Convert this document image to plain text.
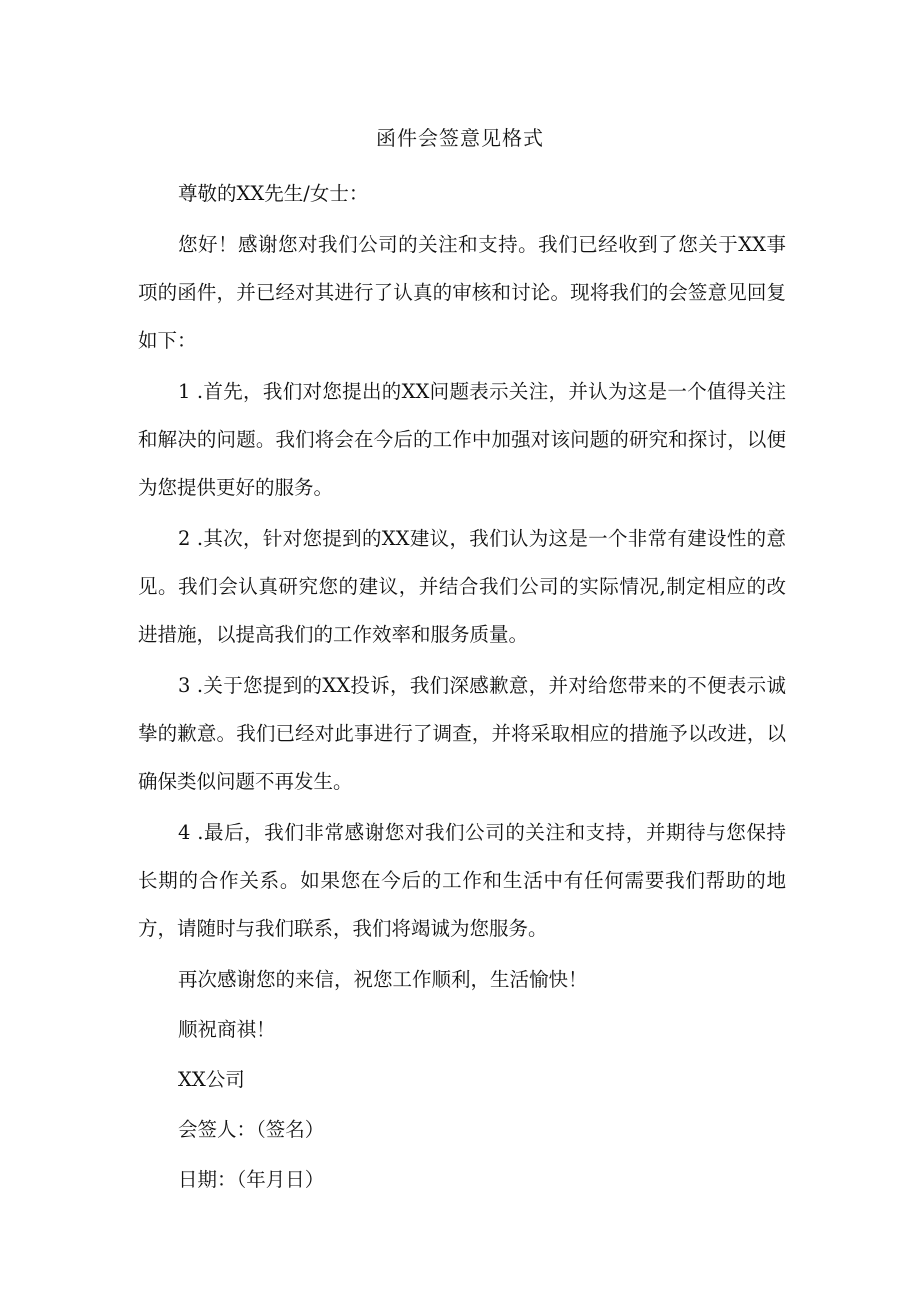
函件会签意见格式

尊敬的XX先生/女士：

您好！感谢您对我们公司的关注和支持。我们已经收到了您关于XX事项的函件，并已经对其进行了认真的审核和讨论。现将我们的会签意见回复如下：

1 .首先，我们对您提出的XX问题表示关注，并认为这是一个值得关注和解决的问题。我们将会在今后的工作中加强对该问题的研究和探讨，以便为您提供更好的服务。

2 .其次，针对您提到的XX建议，我们认为这是一个非常有建设性的意见。我们会认真研究您的建议，并结合我们公司的实际情况,制定相应的改进措施，以提高我们的工作效率和服务质量。

3 .关于您提到的XX投诉，我们深感歉意，并对给您带来的不便表示诚挚的歉意。我们已经对此事进行了调查，并将采取相应的措施予以改进，以确保类似问题不再发生。

4 .最后，我们非常感谢您对我们公司的关注和支持，并期待与您保持长期的合作关系。如果您在今后的工作和生活中有任何需要我们帮助的地方，请随时与我们联系，我们将竭诚为您服务。

再次感谢您的来信，祝您工作顺利，生活愉快！

顺祝商祺！

XX公司

会签人：（签名）

日期：（年月日）
